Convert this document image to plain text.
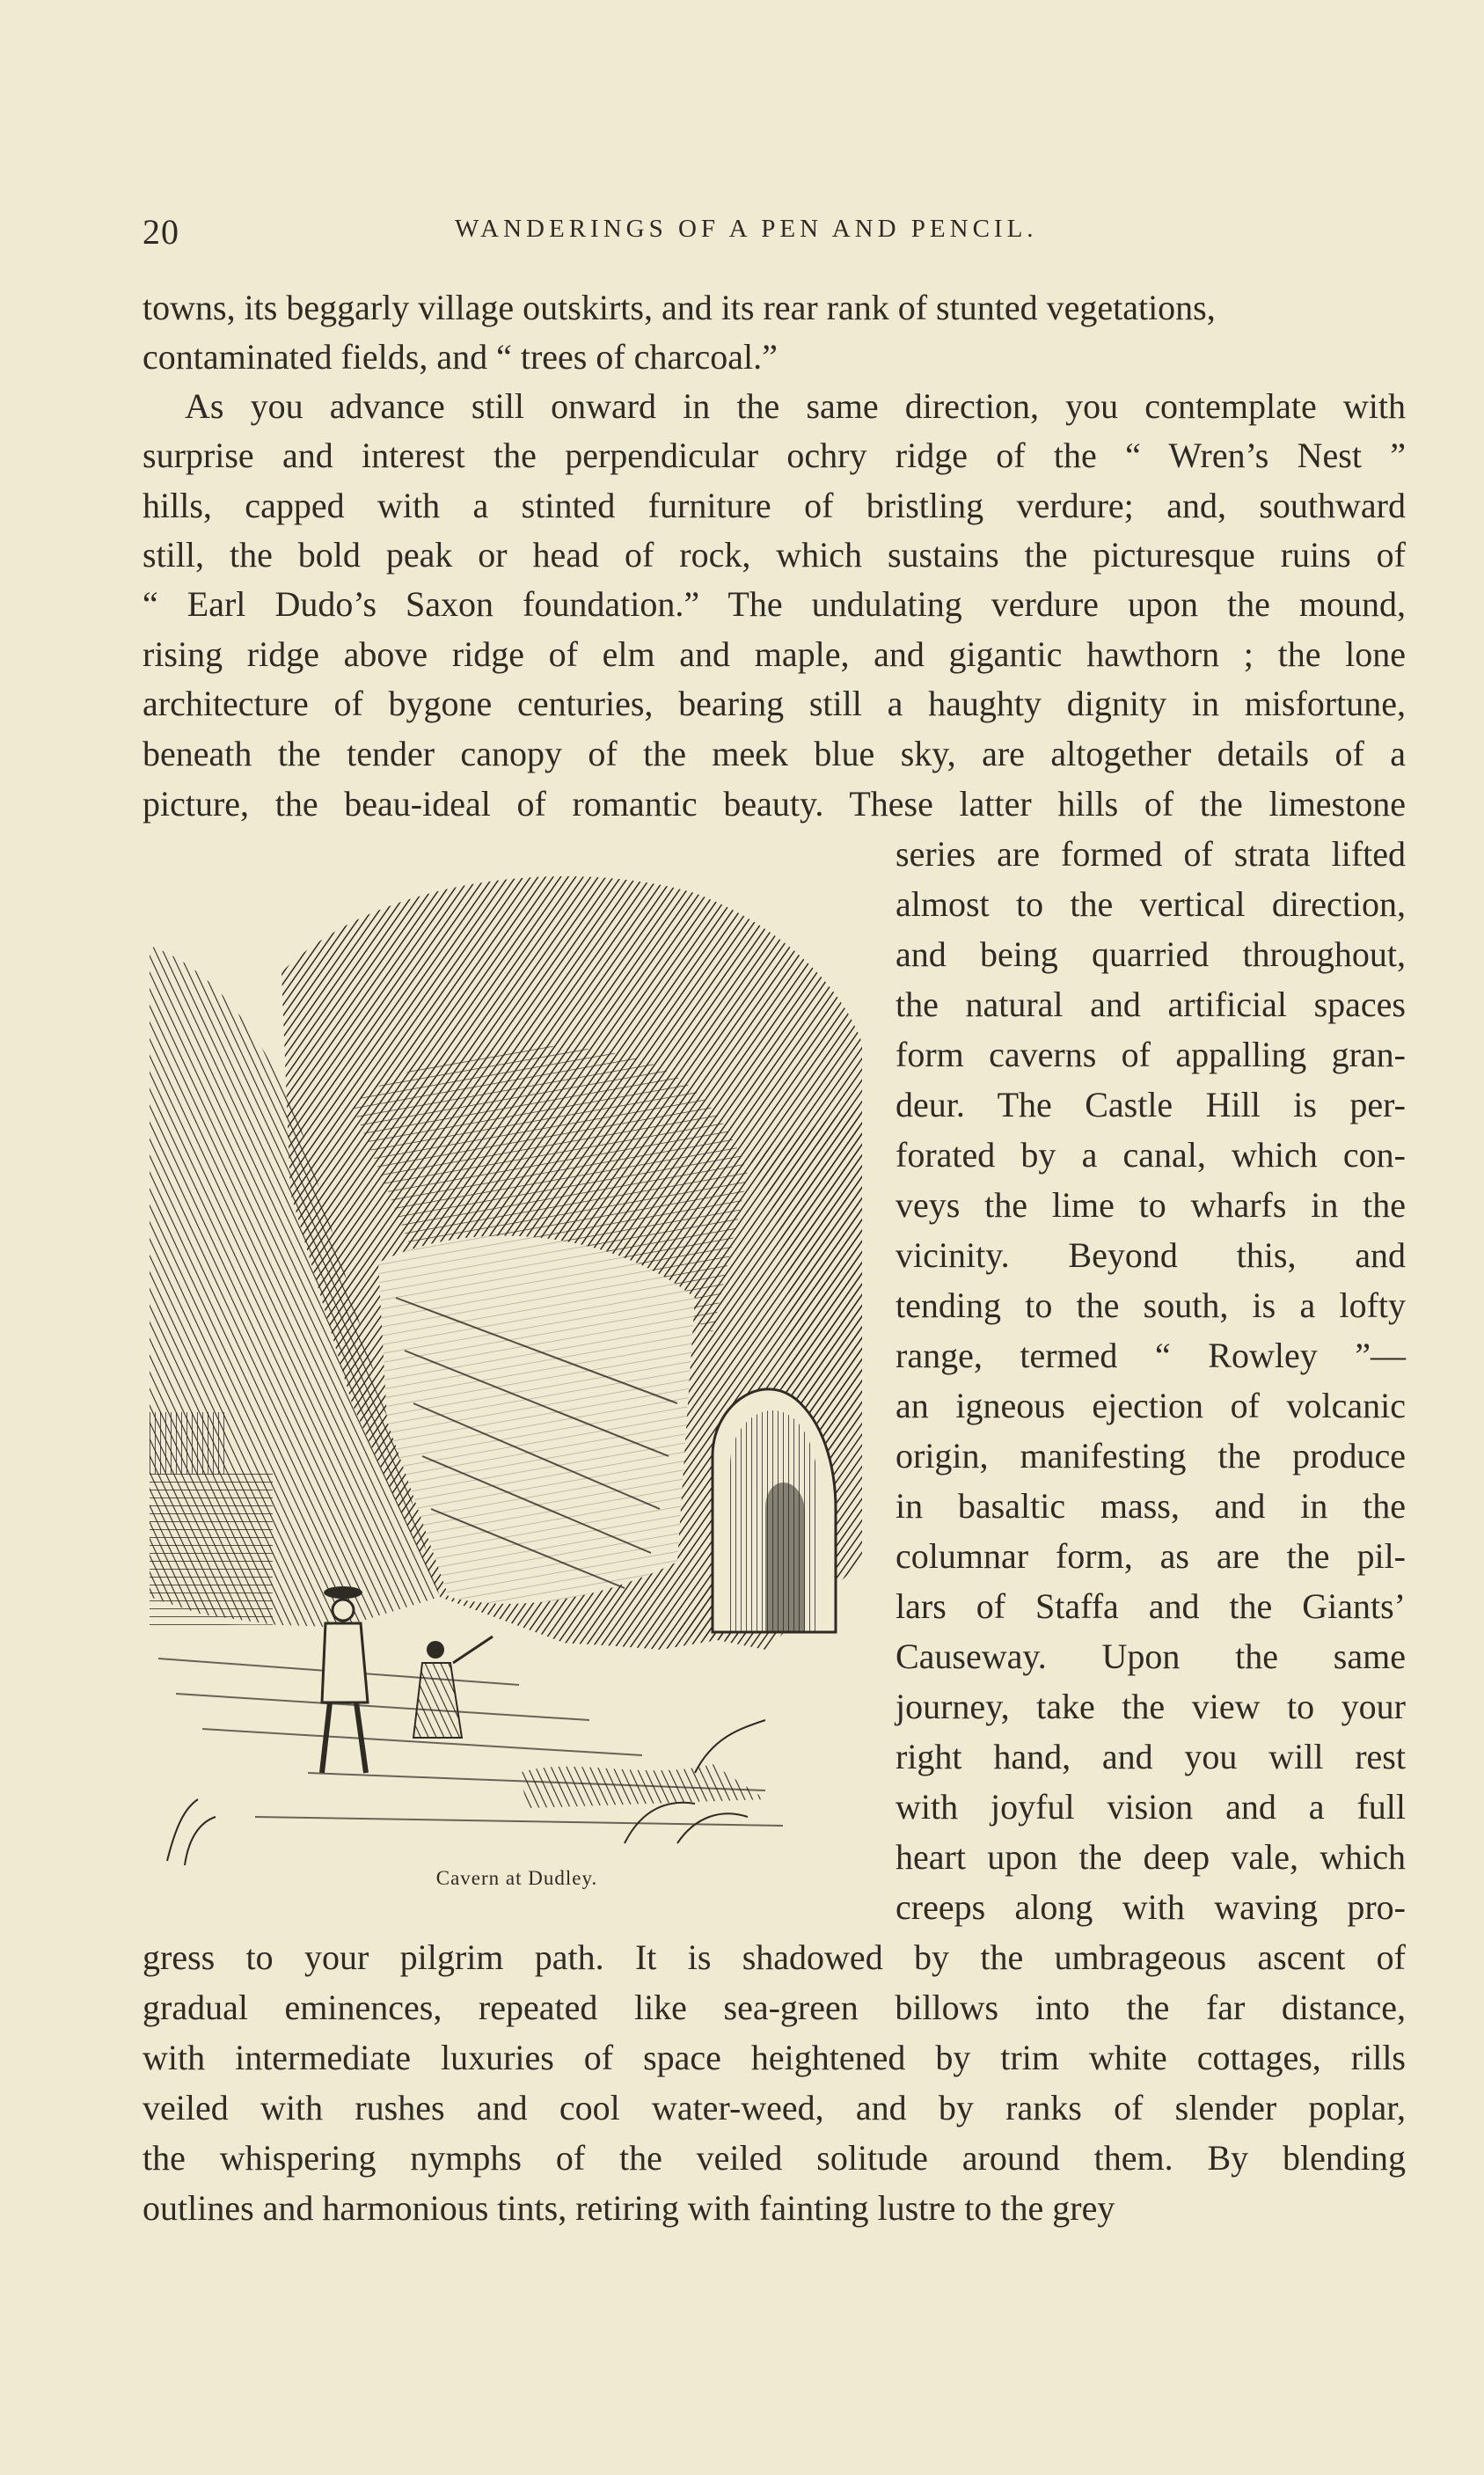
20	WANDERINGS OF A PEN AND PENCIL.
towns, its beggarly village outskirts, and its rear rank of stunted vegetations,
contaminated fields, and “ trees of charcoal.”
As you advance still onward in the same direction, you contemplate with
surprise and interest the perpendicular ochry ridge of the “ Wren’s Nest ”
hills, capped with a stinted furniture of bristling verdure; and, southward
still, the bold peak or head of rock, which sustains the picturesque ruins of
“ Earl Dudo’s Saxon foundation.” The undulating verdure upon the mound,
rising ridge above ridge of elm and maple, and gigantic hawthorn ; the lone
architecture of bygone centuries, bearing still a haughty dignity in misfortune,
beneath the tender canopy of the meek blue sky, are altogether details of a
picture, the beau-ideal of romantic beauty. These latter hills of the limestone
series are formed of strata lifted
almost to the vertical direction,
and being quarried throughout,
the natural and artificial spaces
form caverns of appalling gran-
deur. The Castle Hill is per-
forated by a canal, which con-
veys the lime to wharfs in the
vicinity. Beyond this, and
tending to the south, is a lofty
range, termed “ Rowley ”—
an igneous ejection of volcanic
origin, manifesting the produce
in basaltic mass, and in the
columnar form, as are the pil-
lars of Staffa and the Giants’
Causeway. Upon the same
journey, take the view to your
right hand, and you will rest
with joyful vision and a full
heart upon the deep vale, which
creeps along with waving pro-
gress to your pilgrim path. It is shadowed by the umbrageous ascent of
gradual eminences, repeated like sea-green billows into the far distance,
with intermediate luxuries of space heightened by trim white cottages, rills
veiled with rushes and cool water-weed, and by ranks of slender poplar,
the whispering nymphs of the veiled solitude around them. By blending
outlines and harmonious tints, retiring with fainting lustre to the grey
Cavern at Dudley.
